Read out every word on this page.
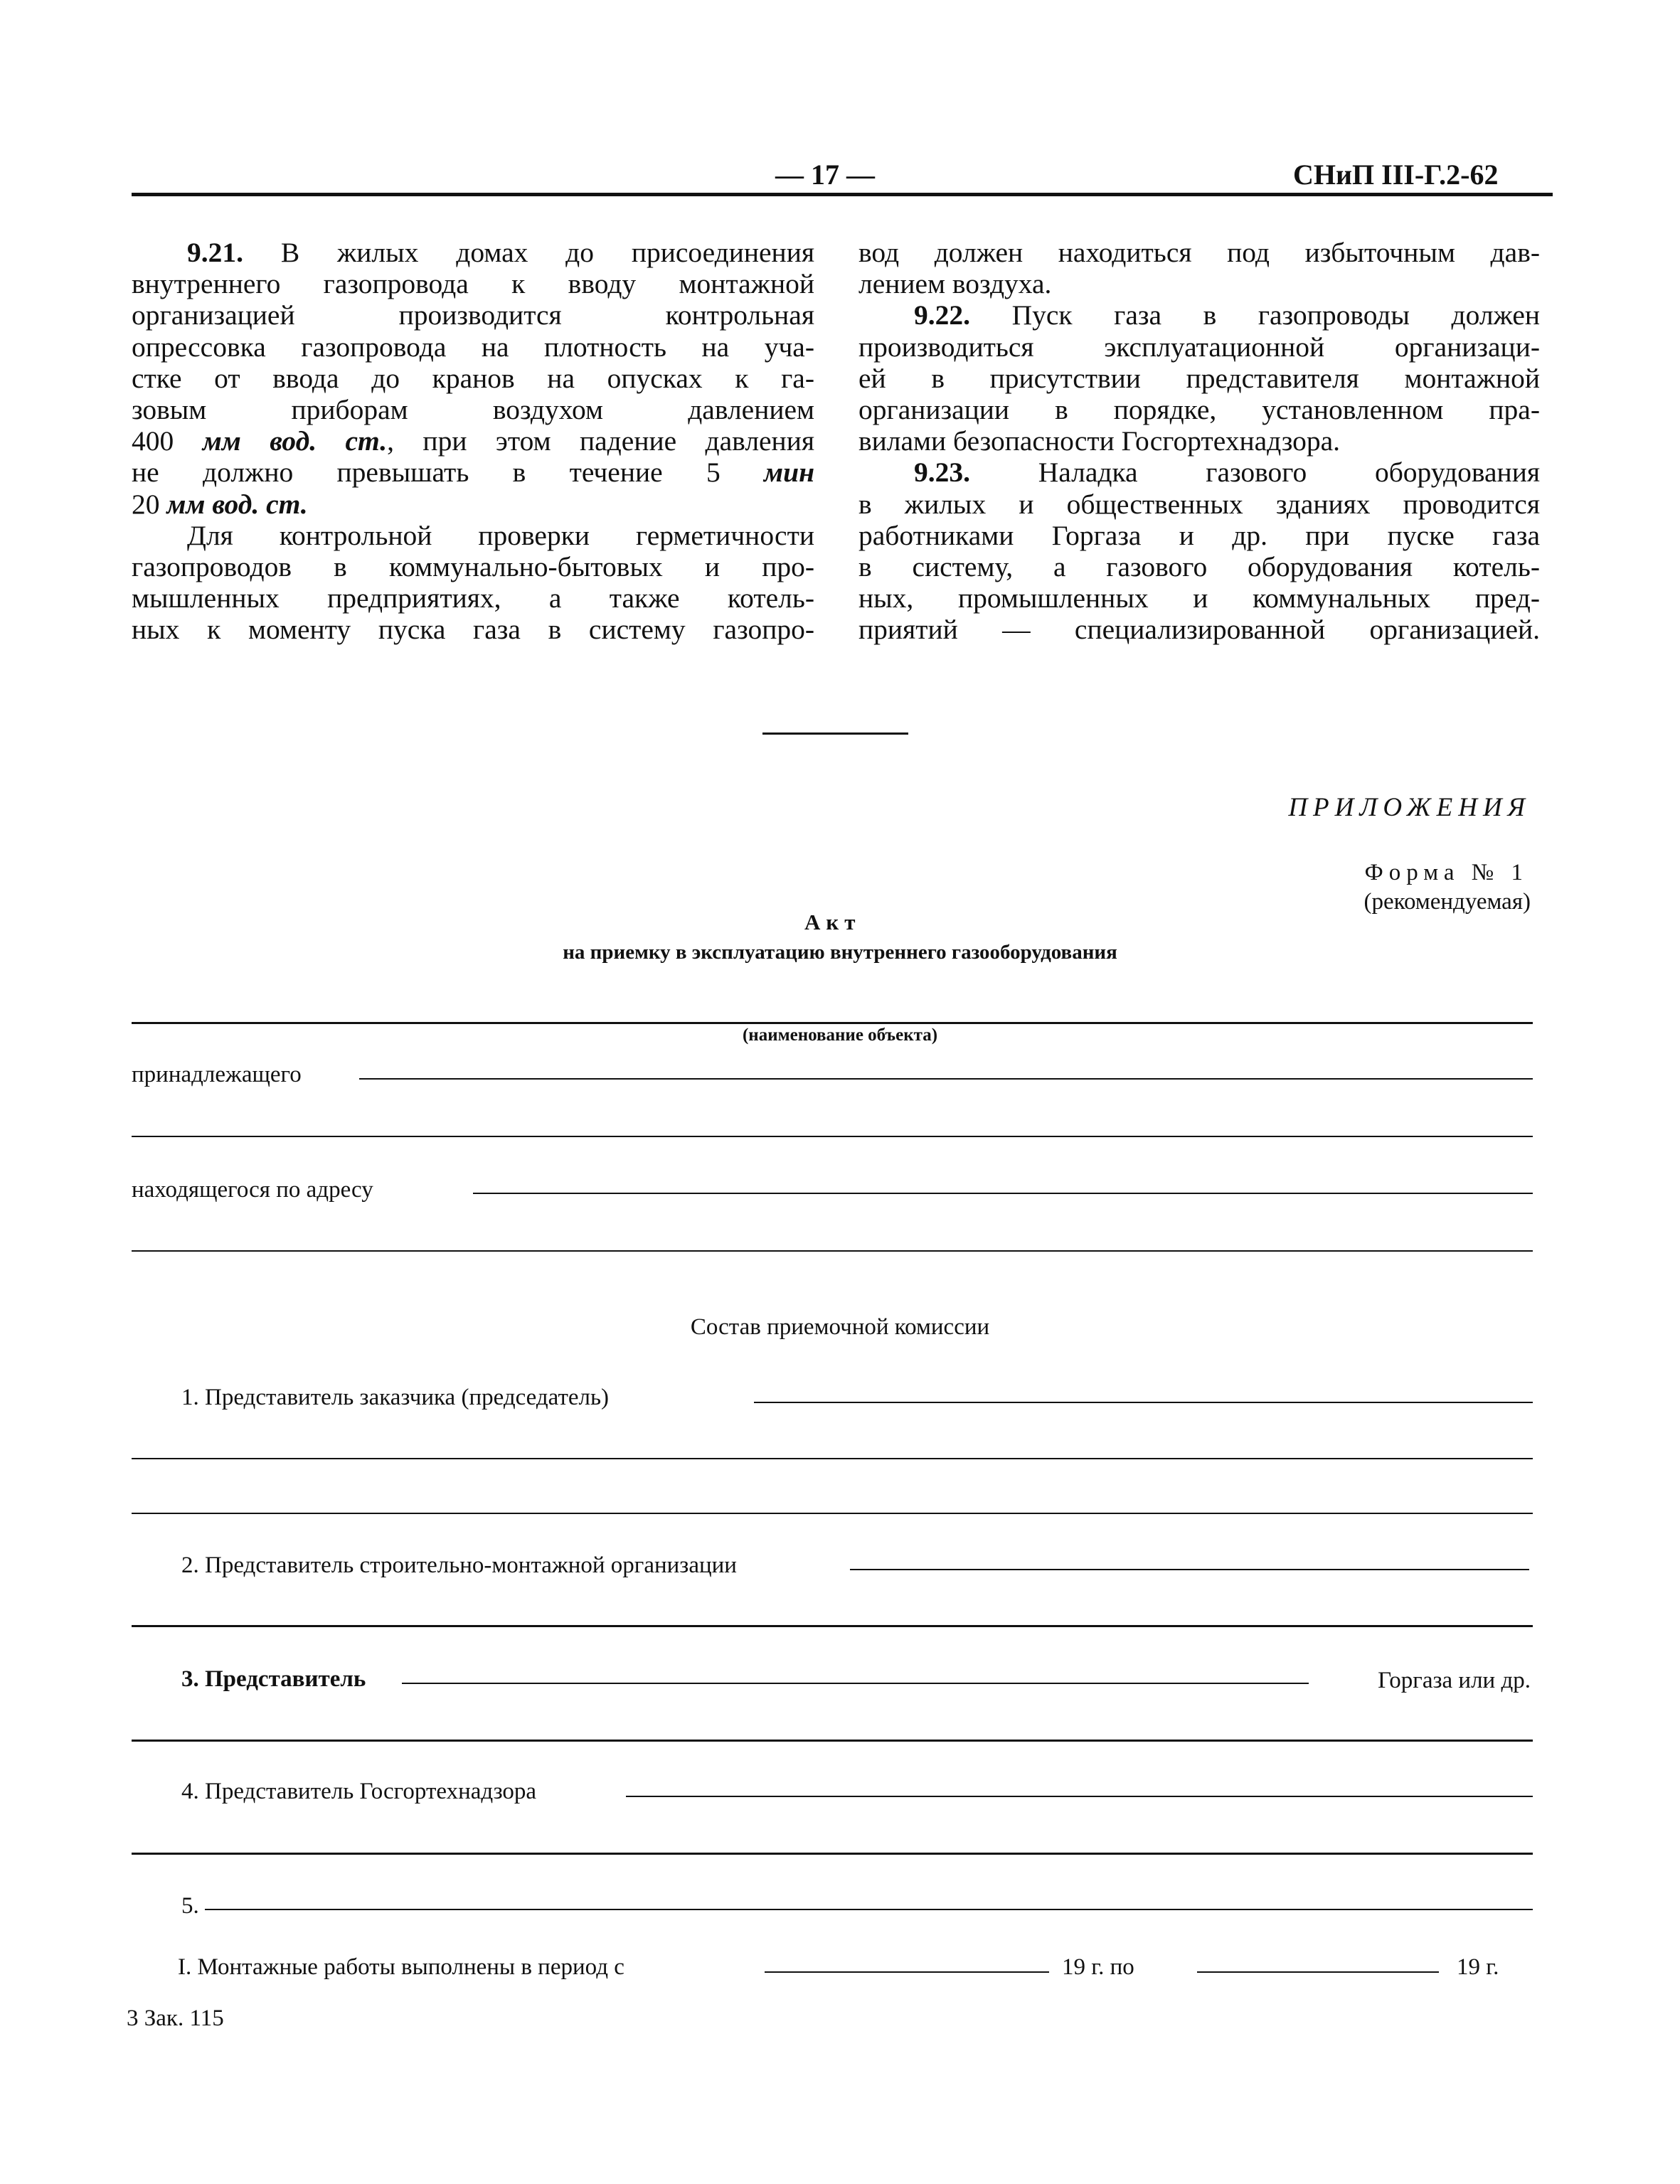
— 17 —	СНиП III-Г.2-62

9.21. В жилых домах до присоединения

внутреннего газопровода к вводу монтажной

организацией производится контрольная

опрессовка газопровода на плотность на уча-

стке от ввода до кранов на опусках к га-

зовым приборам воздухом давлением

400 мм вод. ст., при этом падение давления

не должно превышать в течение 5 мин

20 мм вод. ст.

Для контрольной проверки герметичности

газопроводов в коммунально-бытовых и про-

мышленных предприятиях, а также котель-

ных к моменту пуска газа в систему газопро-

вод должен находиться под избыточным дав-

лением воздуха.

9.22. Пуск газа в газопроводы должен

производиться эксплуатационной организаци-

ей в присутствии представителя монтажной

организации в порядке, установленном пра-

вилами безопасности Госгортехнадзора.

9.23. Наладка газового оборудования

в жилых и общественных зданиях проводится

работниками Горгаза и др. при пуске газа

в систему, а газового оборудования котель-

ных, промышленных и коммунальных пред-

приятий — специализированной организацией.

ПРИЛОЖЕНИЯ
Форма № 1
(рекомендуемая)
Акт
на приемку в эксплуатацию внутреннего газооборудования
(наименование объекта)
принадлежащего
находящегося по адресу
Состав приемочной комиссии
1. Представитель заказчика (председатель)
2. Представитель строительно-монтажной организации
3. Представитель	Горгаза или др.
4. Представитель Госгортехнадзора
5.
I. Монтажные работы выполнены в период с	19 г. по	19 г.
3 Зак. 115
